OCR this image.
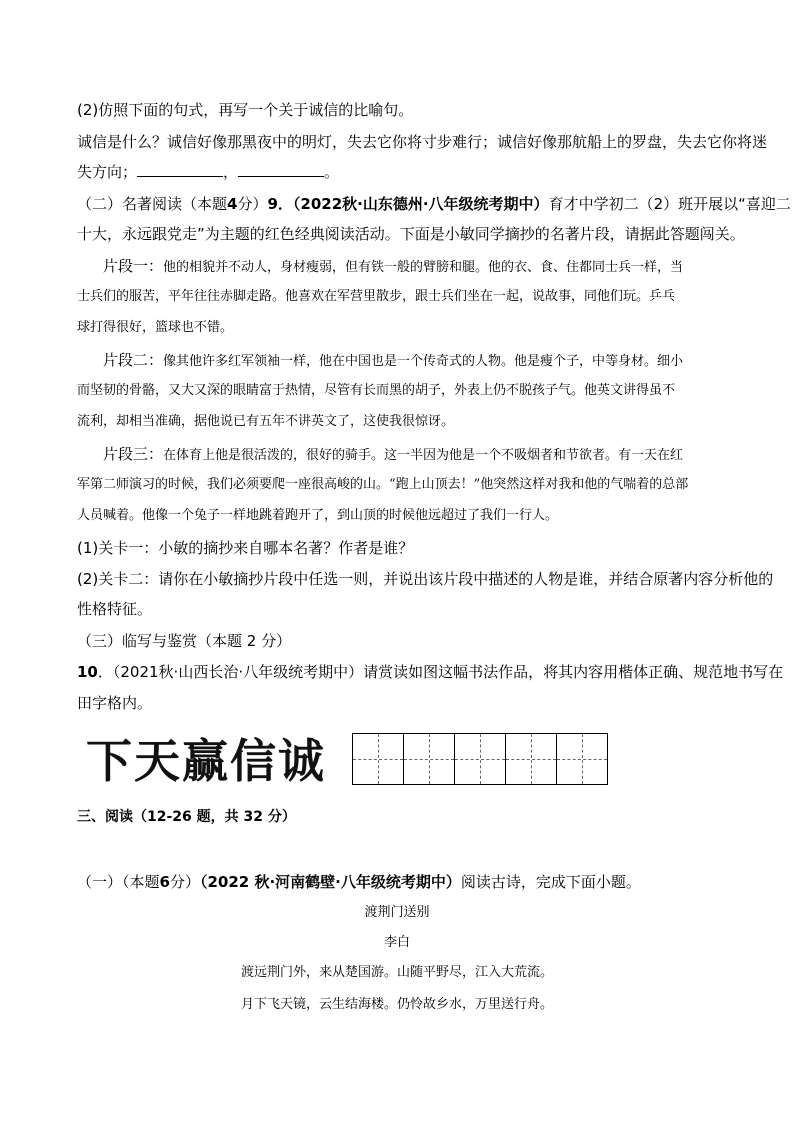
(2)仿照下面的句式，再写一个关于诚信的比喻句。
诚信是什么？诚信好像那黑夜中的明灯，失去它你将寸步难行；诚信好像那航船上的罗盘，失去它你将迷
失方向；	，	。
（二）名著阅读（本题4分）9．（2022秋·山东德州·八年级统考期中）育才中学初二（2）班开展以“喜迎二
十大，永远跟党走”为主题的红色经典阅读活动。下面是小敏同学摘抄的名著片段，请据此答题闯关。
片段一：他的相貌并不动人，身材瘦弱，但有铁一般的臂膀和腿。他的衣、食、住都同士兵一样，当
士兵们的服苦，平年往往赤脚走路。他喜欢在军营里散步，跟士兵们坐在一起，说故事，同他们玩。乒乓
球打得很好，篮球也不错。
片段二：像其他许多红军领袖一样，他在中国也是一个传奇式的人物。他是瘦个子，中等身材。细小
而坚韧的骨骼，又大又深的眼睛富于热情，尽管有长而黑的胡子，外表上仍不脱孩子气。他英文讲得虽不
流利，却相当准确，据他说已有五年不讲英文了，这使我很惊讶。
片段三：在体育上他是很活泼的，很好的骑手。这一半因为他是一个不吸烟者和节欲者。有一天在红
军第二师演习的时候，我们必须要爬一座很高峻的山。“跑上山顶去！”他突然这样对我和他的气喘着的总部
人员喊着。他像一个兔子一样地跳着跑开了，到山顶的时候他远超过了我们一行人。
(1)关卡一：小敏的摘抄来自哪本名著？作者是谁？
(2)关卡二：请你在小敏摘抄片段中任选一则，并说出该片段中描述的人物是谁，并结合原著内容分析他的
性格特征。
（三）临写与鉴赏（本题 2 分）
10．（2021秋·山西长治·八年级统考期中）请赏读如图这幅书法作品，将其内容用楷体正确、规范地书写在
田字格内。
下天赢信诚
三、阅读（12-26 题，共 32 分）
（一）（本题6分）（2022 秋·河南鹤壁·八年级统考期中）阅读古诗，完成下面小题。
渡荆门送别
李白
渡远荆门外，来从楚国游。山随平野尽，江入大荒流。
月下飞天镜，云生结海楼。仍怜故乡水，万里送行舟。
